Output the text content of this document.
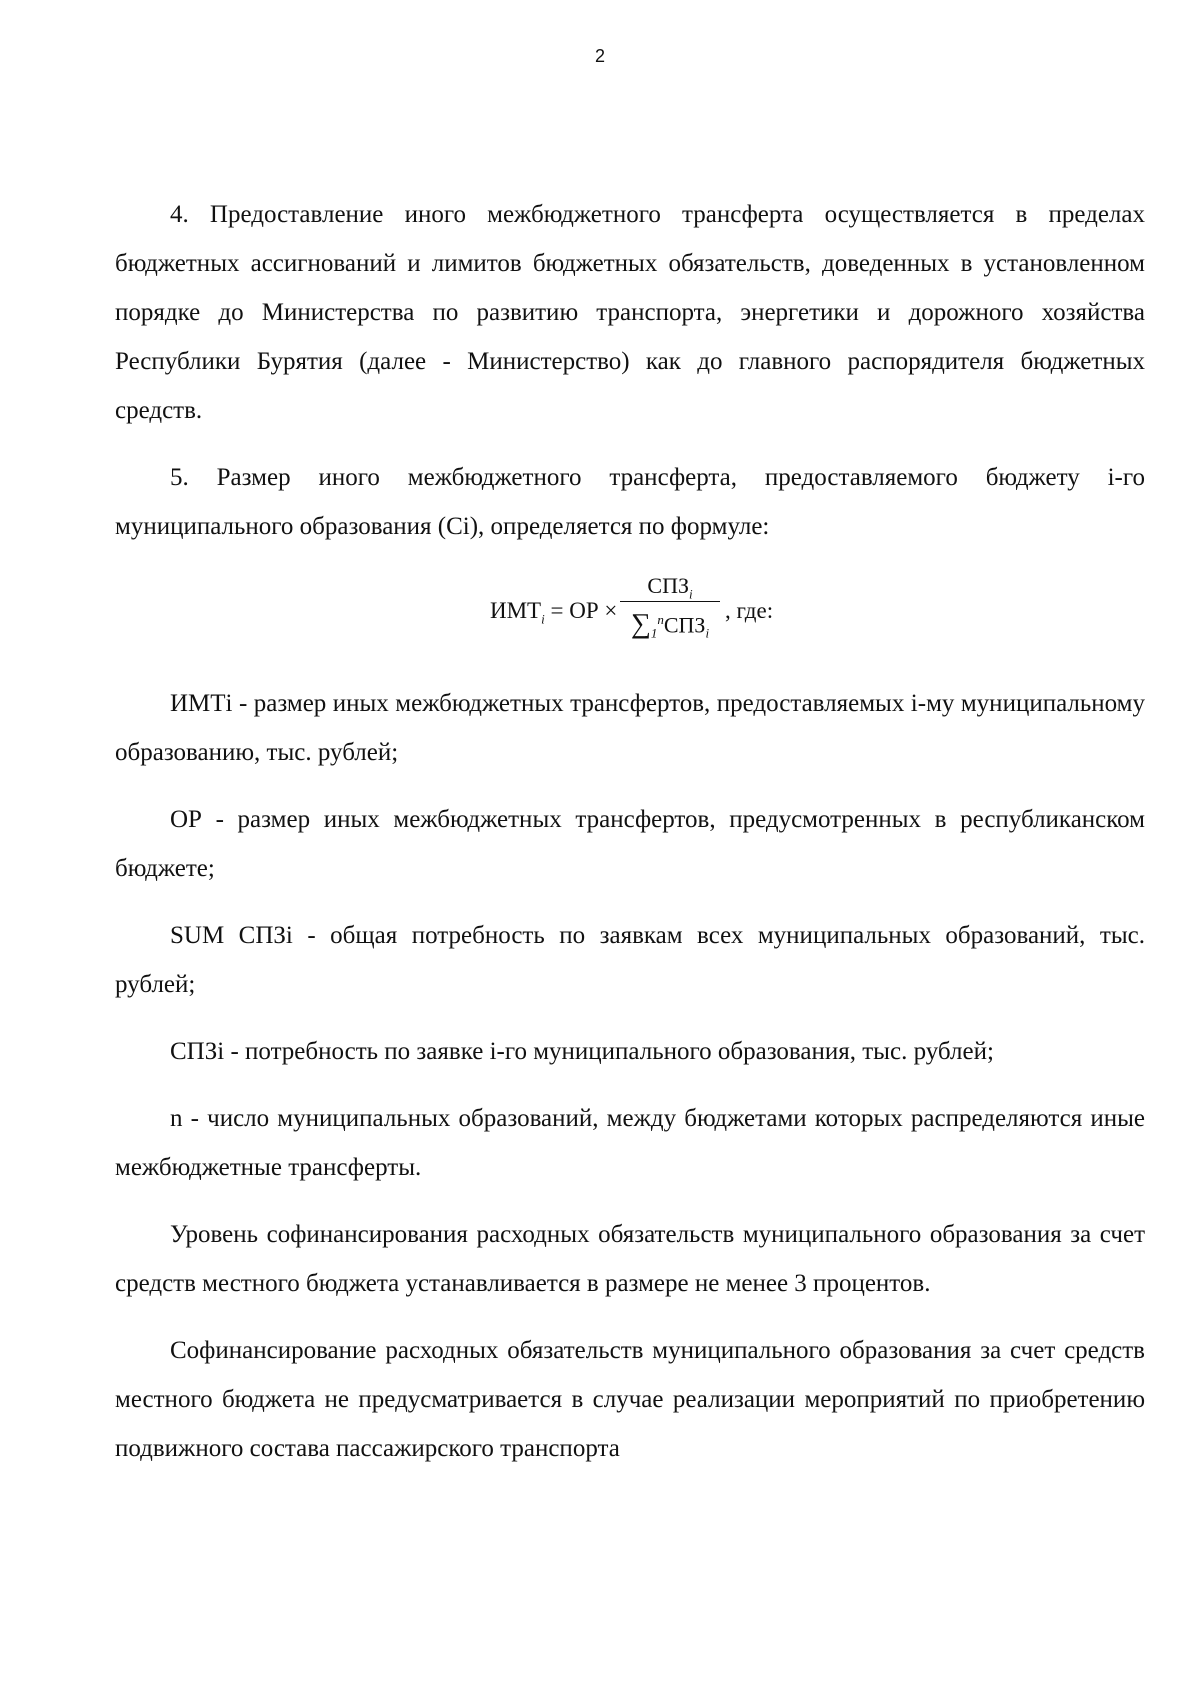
2

4. Предоставление иного межбюджетного трансферта осуществляется в пределах бюджетных ассигнований и лимитов бюджетных обязательств, доведенных в установленном порядке до Министерства по развитию транспорта, энергетики и дорожного хозяйства Республики Бурятия (далее - Министерство) как до главного распорядителя бюджетных средств.

5. Размер иного межбюджетного трансферта, предоставляемого бюджету i-го муниципального образования (Ci), определяется по формуле:

$ИМТ_i$ = ОР ×
$СПЗ_i$
$\sum_1^nСПЗ_i$
, где:

ИМТi - размер иных межбюджетных трансфертов, предоставляемых i-му муниципальному образованию, тыс. рублей;

ОР - размер иных межбюджетных трансфертов, предусмотренных в республиканском бюджете;

SUM СПЗi - общая потребность по заявкам всех муниципальных образований, тыс. рублей;

СПЗi - потребность по заявке i-го муниципального образования, тыс. рублей;

n - число муниципальных образований, между бюджетами которых распределяются иные межбюджетные трансферты.

Уровень софинансирования расходных обязательств муниципального образования за счет средств местного бюджета устанавливается в размере не менее 3 процентов.

Софинансирование расходных обязательств муниципального образования за счет средств местного бюджета не предусматривается в случае реализации мероприятий по приобретению подвижного состава пассажирского транспорта
